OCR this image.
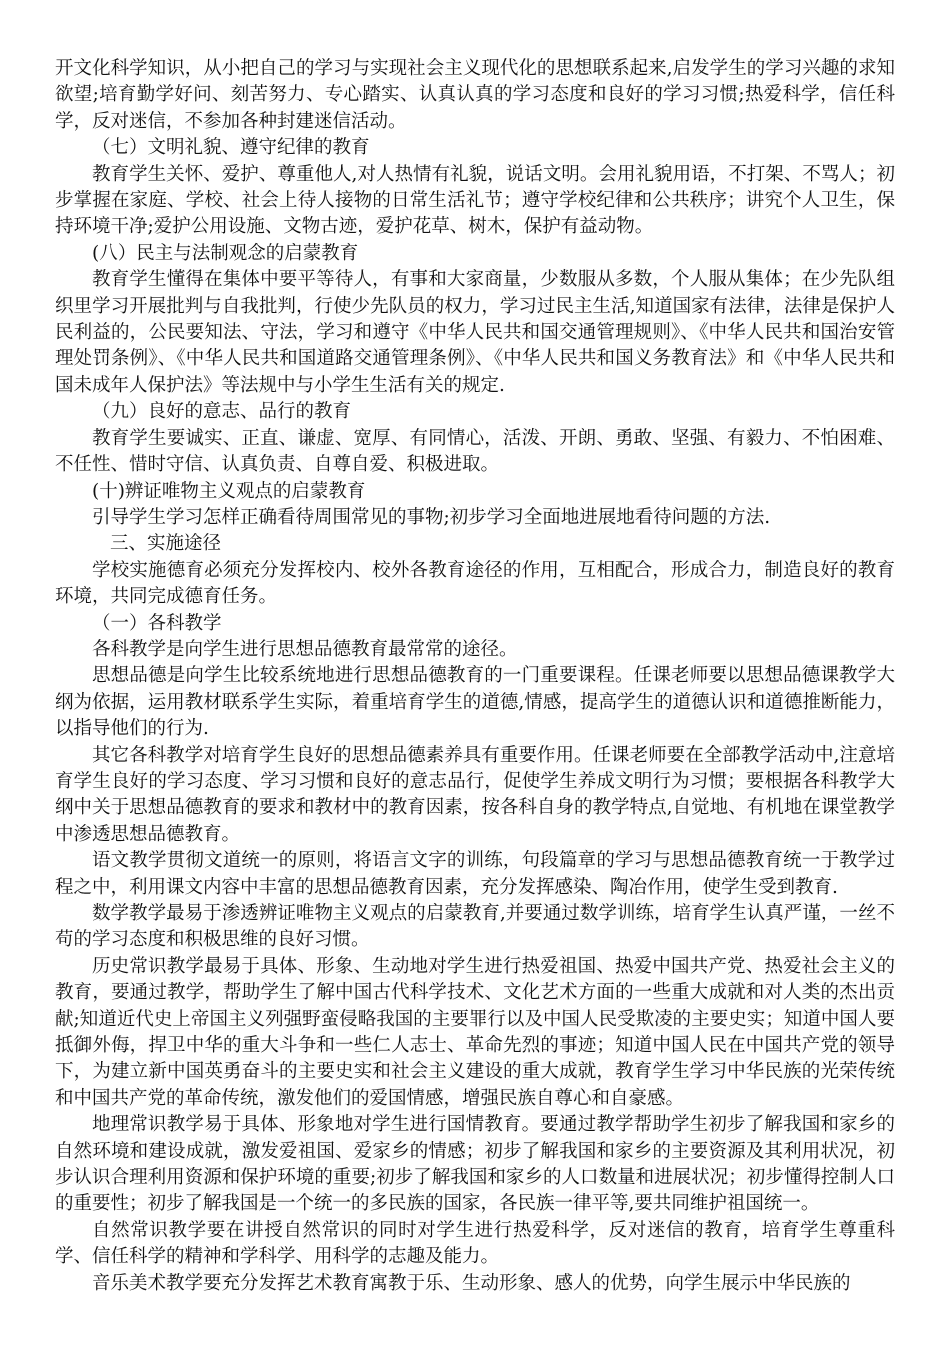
开文化科学知识，从小把自己的学习与实现社会主义现代化的思想联系起来,启发学生的学习兴趣的求知欲望;培育勤学好问、刻苦努力、专心踏实、认真认真的学习态度和良好的学习习惯;热爱科学，信任科学，反对迷信，不参加各种封建迷信活动。

（七）文明礼貌、遵守纪律的教育

教育学生关怀、爱护、尊重他人,对人热情有礼貌，说话文明。会用礼貌用语，不打架、不骂人；初步掌握在家庭、学校、社会上待人接物的日常生活礼节；遵守学校纪律和公共秩序；讲究个人卫生，保持环境干净;爱护公用设施、文物古迹，爱护花草、树木，保护有益动物。

(八）民主与法制观念的启蒙教育

教育学生懂得在集体中要平等待人，有事和大家商量，少数服从多数，个人服从集体；在少先队组织里学习开展批判与自我批判，行使少先队员的权力，学习过民主生活,知道国家有法律，法律是保护人民利益的，公民要知法、守法，学习和遵守《中华人民共和国交通管理规则》、《中华人民共和国治安管理处罚条例》、《中华人民共和国道路交通管理条例》、《中华人民共和国义务教育法》和《中华人民共和国未成年人保护法》等法规中与小学生生活有关的规定.

（九）良好的意志、品行的教育

教育学生要诚实、正直、谦虚、宽厚、有同情心，活泼、开朗、勇敢、坚强、有毅力、不怕困难、不任性、惜时守信、认真负责、自尊自爱、积极进取。

(十)辨证唯物主义观点的启蒙教育

引导学生学习怎样正确看待周围常见的事物;初步学习全面地进展地看待问题的方法.

三、实施途径

学校实施德育必须充分发挥校内、校外各教育途径的作用，互相配合，形成合力，制造良好的教育环境，共同完成德育任务。

（一）各科教学

各科教学是向学生进行思想品德教育最常常的途径。

思想品德是向学生比较系统地进行思想品德教育的一门重要课程。任课老师要以思想品德课教学大纲为依据，运用教材联系学生实际，着重培育学生的道德,情感，提高学生的道德认识和道德推断能力，以指导他们的行为.

其它各科教学对培育学生良好的思想品德素养具有重要作用。任课老师要在全部教学活动中,注意培育学生良好的学习态度、学习习惯和良好的意志品行，促使学生养成文明行为习惯；要根据各科教学大纲中关于思想品德教育的要求和教材中的教育因素，按各科自身的教学特点,自觉地、有机地在课堂教学中渗透思想品德教育。

语文教学贯彻文道统一的原则，将语言文字的训练，句段篇章的学习与思想品德教育统一于教学过程之中，利用课文内容中丰富的思想品德教育因素，充分发挥感染、陶冶作用，使学生受到教育.

数学教学最易于渗透辨证唯物主义观点的启蒙教育,并要通过数学训练，培育学生认真严谨，一丝不苟的学习态度和积极思维的良好习惯。

历史常识教学最易于具体、形象、生动地对学生进行热爱祖国、热爱中国共产党、热爱社会主义的教育，要通过教学，帮助学生了解中国古代科学技术、文化艺术方面的一些重大成就和对人类的杰出贡献;知道近代史上帝国主义列强野蛮侵略我国的主要罪行以及中国人民受欺凌的主要史实；知道中国人要抵御外侮，捍卫中华的重大斗争和一些仁人志士、革命先烈的事迹；知道中国人民在中国共产党的领导下，为建立新中国英勇奋斗的主要史实和社会主义建设的重大成就，教育学生学习中华民族的光荣传统和中国共产党的革命传统，激发他们的爱国情感，增强民族自尊心和自豪感。

地理常识教学易于具体、形象地对学生进行国情教育。要通过教学帮助学生初步了解我国和家乡的自然环境和建设成就，激发爱祖国、爱家乡的情感；初步了解我国和家乡的主要资源及其利用状况，初步认识合理利用资源和保护环境的重要;初步了解我国和家乡的人口数量和进展状况；初步懂得控制人口的重要性；初步了解我国是一个统一的多民族的国家，各民族一律平等,要共同维护祖国统一。

自然常识教学要在讲授自然常识的同时对学生进行热爱科学，反对迷信的教育，培育学生尊重科学、信任科学的精神和学科学、用科学的志趣及能力。

音乐美术教学要充分发挥艺术教育寓教于乐、生动形象、感人的优势，向学生展示中华民族的
